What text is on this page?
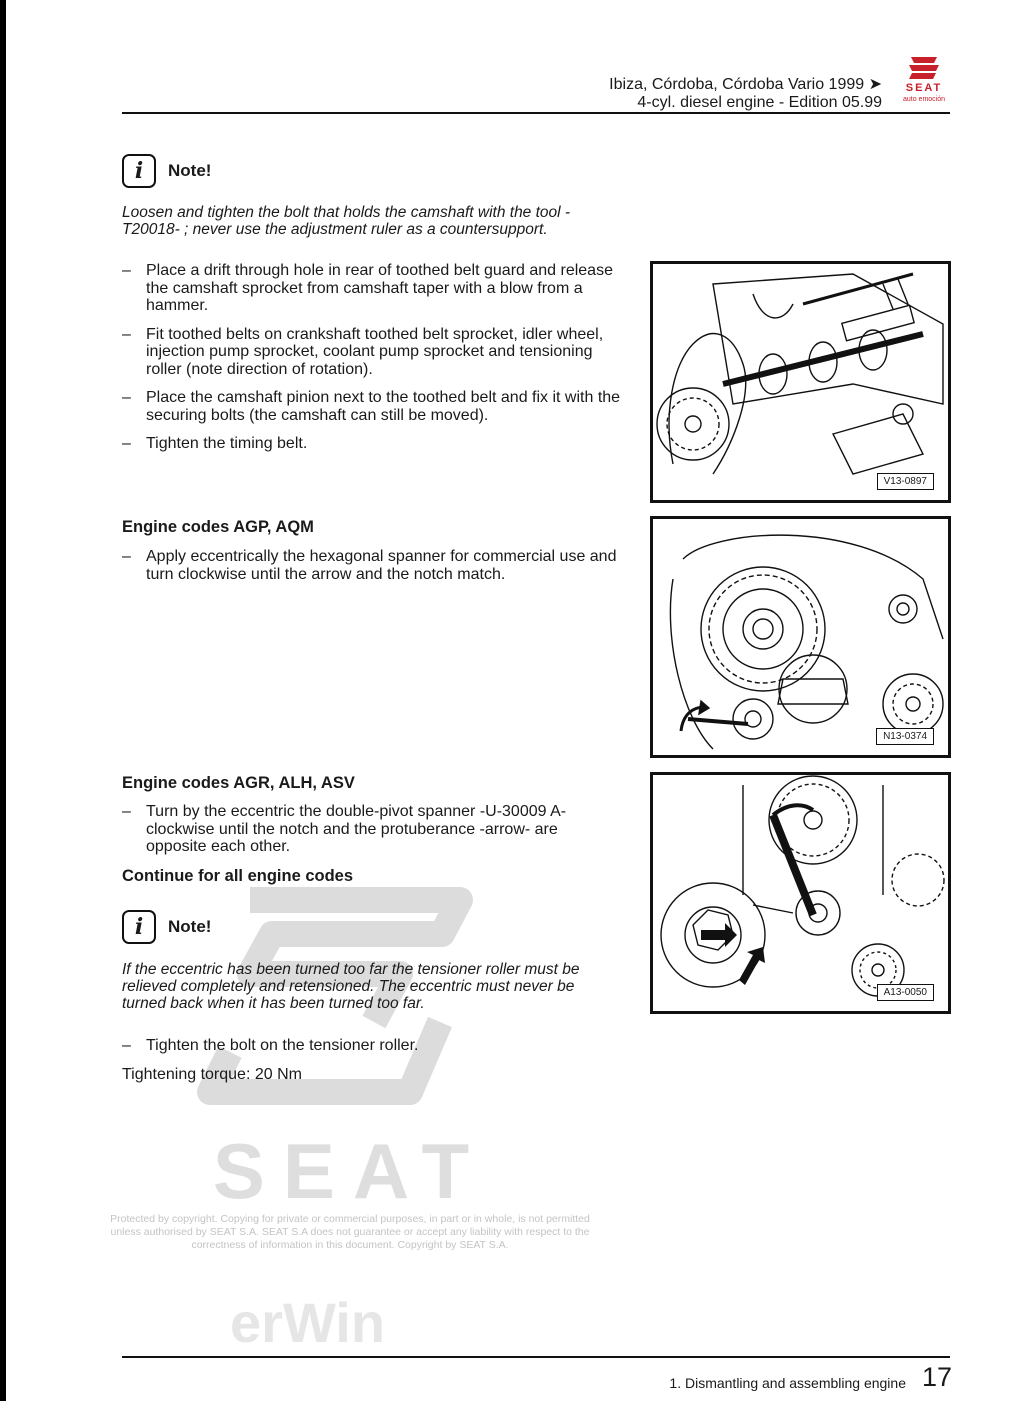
Ibiza, Córdoba, Córdoba Vario 1999 ➤
4-cyl. diesel engine - Edition 05.99
SEAT
auto emoción
SEAT
Protected by copyright. Copying for private or commercial purposes, in part or in whole, is not permitted unless authorised by SEAT S.A. SEAT S.A does not guarantee or accept any liability with respect to the correctness of information in this document. Copyright by SEAT S.A.
erWin
i	Note!
Loosen and tighten the bolt that holds the camshaft with the tool -T20018- ; never use the adjustment ruler as a countersupport.
– Place a drift through hole in rear of toothed belt guard and release the camshaft sprocket from camshaft taper with a blow from a hammer.
– Fit toothed belts on crankshaft toothed belt sprocket, idler wheel, injection pump sprocket, coolant pump sprocket and tensioning roller (note direction of rotation).
– Place the camshaft pinion next to the toothed belt and fix it with the securing bolts (the camshaft can still be moved).
– Tighten the timing belt.
V13-0897
Engine codes AGP, AQM
– Apply eccentrically the hexagonal spanner for commercial use and turn clockwise until the arrow and the notch match.
N13-0374
Engine codes AGR, ALH, ASV
– Turn by the eccentric the double-pivot spanner -U-30009 A- clockwise until the notch and the protuberance -arrow- are opposite each other.
Continue for all engine codes
A13-0050
i	Note!
If the eccentric has been turned too far the tensioner roller must be relieved completely and retensioned. The eccentric must never be turned back when it has been turned too far.
– Tighten the bolt on the tensioner roller.
Tightening torque: 20 Nm
1. Dismantling and assembling engine 17
